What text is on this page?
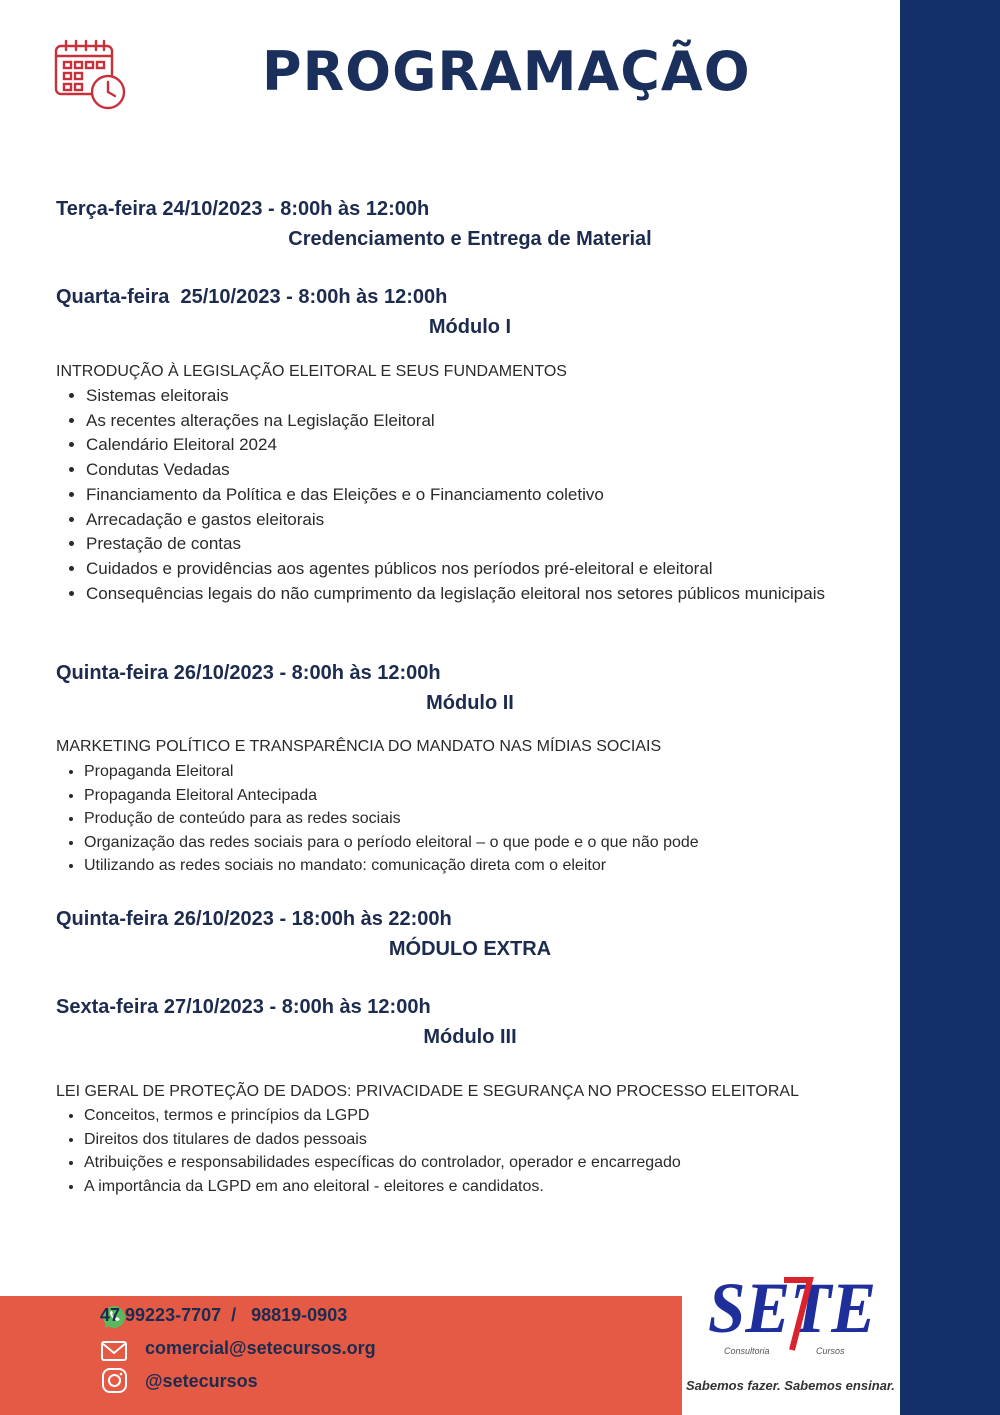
PROGRAMAÇÃO
Terça-feira 24/10/2023 - 8:00h às 12:00h
Credenciamento e Entrega de Material
Quarta-feira  25/10/2023 - 8:00h às 12:00h
Módulo I
INTRODUÇÃO À LEGISLAÇÃO ELEITORAL E SEUS FUNDAMENTOS
• Sistemas eleitorais
• As recentes alterações na Legislação Eleitoral
• Calendário Eleitoral 2024
• Condutas Vedadas
• Financiamento da Política e das Eleições e o Financiamento coletivo
• Arrecadação e gastos eleitorais
• Prestação de contas
• Cuidados e providências aos agentes públicos nos períodos pré-eleitoral e eleitoral
• Consequências legais do não cumprimento da legislação eleitoral nos setores públicos municipais
Quinta-feira 26/10/2023 - 8:00h às 12:00h
Módulo II
MARKETING POLÍTICO E TRANSPARÊNCIA DO MANDATO NAS MÍDIAS SOCIAIS
• Propaganda Eleitoral
• Propaganda Eleitoral Antecipada
• Produção de conteúdo para as redes sociais
• Organização das redes sociais para o período eleitoral – o que pode e o que não pode
• Utilizando as redes sociais no mandato: comunicação direta com o eleitor
Quinta-feira 26/10/2023 - 18:00h às 22:00h
MÓDULO EXTRA
Sexta-feira 27/10/2023 - 8:00h às 12:00h
Módulo III
LEI GERAL DE PROTEÇÃO DE DADOS: PRIVACIDADE E SEGURANÇA NO PROCESSO ELEITORAL
• Conceitos, termos e princípios da LGPD
• Direitos dos titulares de dados pessoais
• Atribuições e responsabilidades específicas do controlador, operador e encarregado
• A importância da LGPD em ano eleitoral - eleitores e candidatos.
47 99223-7707  /   98819-0903
comercial@setecursos.org
@setecursos
SETE
Consultoria	Cursos
Sabemos fazer. Sabemos ensinar.
